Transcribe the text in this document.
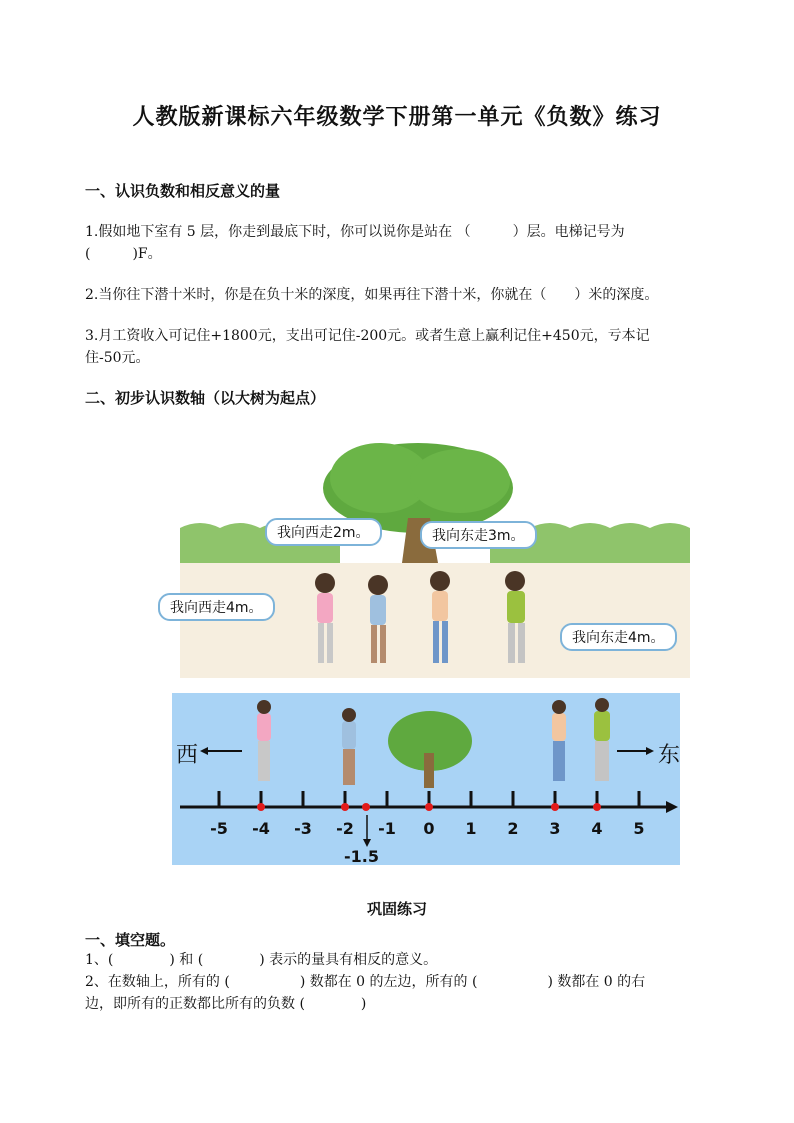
人教版新课标六年级数学下册第一单元《负数》练习
一、认识负数和相反意义的量
1.假如地下室有 5 层，你走到最底下时，你可以说你是站在 （　　　）层。电梯记号为
(　　　)F。
2.当你往下潜十米时，你是在负十米的深度，如果再往下潜十米，你就在（　　）米的深度。
3.月工资收入可记住+1800元，支出可记住-200元。或者生意上赢利记住+450元，亏本记
住-50元。
二、初步认识数轴（以大树为起点）
我向西走2m。	我向东走3m。
我向西走4m。
我向东走4m。
西	东
-5 -4 -3 -2 -1	0	1	2	3	4	5
-1.5
巩固练习
一、填空题。
1、(　　　　) 和 (　　　　) 表示的量具有相反的意义。
2、在数轴上，所有的 (　　　　　) 数都在 0 的左边，所有的 (　　　　　) 数都在 0 的右
边，即所有的正数都比所有的负数 (　　　　)
